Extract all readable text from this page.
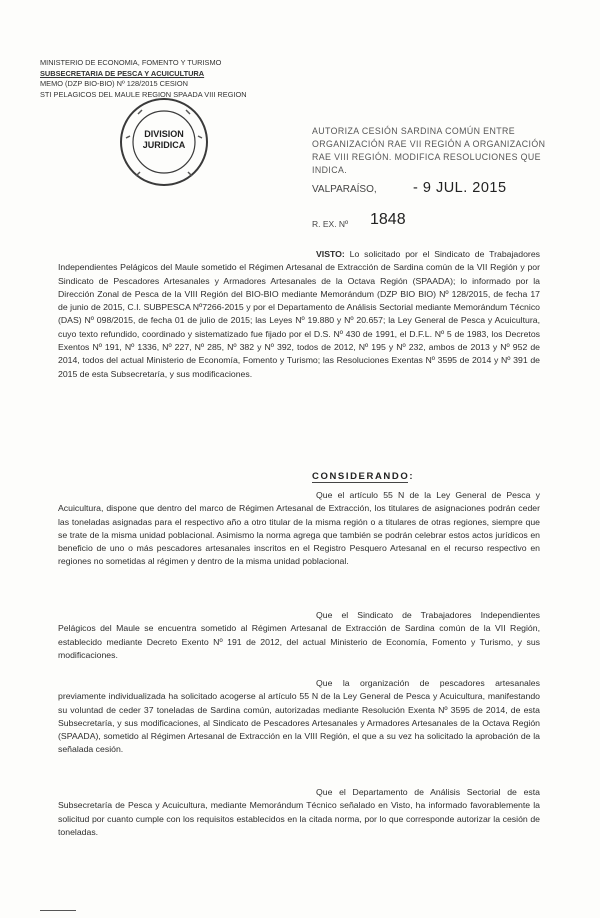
MINISTERIO DE ECONOMIA, FOMENTO Y TURISMO
SUBSECRETARIA DE PESCA Y ACUICULTURA
MEMO (DZP BIO-BIO) Nº 128/2015 CESION
STI PELAGICOS DEL MAULE REGION SPAADA VIII REGION
DIVISION
JURIDICA
AUTORIZA CESIÓN SARDINA COMÚN ENTRE ORGANIZACIÓN RAE VII REGIÓN A ORGANIZACIÓN RAE VIII REGIÓN. MODIFICA RESOLUCIONES QUE INDICA.
VALPARAÍSO,	- 9 JUL. 2015
R. EX. Nº 1848
VISTO: Lo solicitado por el Sindicato de Trabajadores Independientes Pelágicos del Maule sometido el Régimen Artesanal de Extracción de Sardina común de la VII Región y por Sindicato de Pescadores Artesanales y Armadores Artesanales de la Octava Región (SPAADA); lo informado por la Dirección Zonal de Pesca de la VIII Región del BIO-BIO mediante Memorándum (DZP BIO BIO) Nº 128/2015, de fecha 17 de junio de 2015, C.I. SUBPESCA Nº7266-2015 y por el Departamento de Análisis Sectorial mediante Memorándum Técnico (DAS) Nº 098/2015, de fecha 01 de julio de 2015; las Leyes Nº 19.880 y Nº 20.657; la Ley General de Pesca y Acuicultura, cuyo texto refundido, coordinado y sistematizado fue fijado por el D.S. Nº 430 de 1991, el D.F.L. Nº 5 de 1983, los Decretos Exentos Nº 191, Nº 1336, Nº 227, Nº 285, Nº 382 y Nº 392, todos de 2012, Nº 195 y Nº 232, ambos de 2013 y Nº 952 de 2014, todos del actual Ministerio de Economía, Fomento y Turismo; las Resoluciones Exentas Nº 3595 de 2014 y Nº 391 de 2015 de esta Subsecretaría, y sus modificaciones.
CONSIDERANDO:
Que el artículo 55 N de la Ley General de Pesca y Acuicultura, dispone que dentro del marco de Régimen Artesanal de Extracción, los titulares de asignaciones podrán ceder las toneladas asignadas para el respectivo año a otro titular de la misma región o a titulares de otras regiones, siempre que se trate de la misma unidad poblacional. Asimismo la norma agrega que también se podrán celebrar estos actos jurídicos en beneficio de uno o más pescadores artesanales inscritos en el Registro Pesquero Artesanal en el recurso respectivo en regiones no sometidas al régimen y dentro de la misma unidad poblacional.
Que el Sindicato de Trabajadores Independientes Pelágicos del Maule se encuentra sometido al Régimen Artesanal de Extracción de Sardina común de la VII Región, establecido mediante Decreto Exento Nº 191 de 2012, del actual Ministerio de Economía, Fomento y Turismo, y sus modificaciones.
Que la organización de pescadores artesanales previamente individualizada ha solicitado acogerse al artículo 55 N de la Ley General de Pesca y Acuicultura, manifestando su voluntad de ceder 37 toneladas de Sardina común, autorizadas mediante Resolución Exenta Nº 3595 de 2014, de esta Subsecretaría, y sus modificaciones, al Sindicato de Pescadores Artesanales y Armadores Artesanales de la Octava Región (SPAADA), sometido al Régimen Artesanal de Extracción en la VIII Región, el que a su vez ha solicitado la aprobación de la señalada cesión.
Que el Departamento de Análisis Sectorial de esta Subsecretaría de Pesca y Acuicultura, mediante Memorándum Técnico señalado en Visto, ha informado favorablemente la solicitud por cuanto cumple con los requisitos establecidos en la citada norma, por lo que corresponde autorizar la cesión de toneladas.
